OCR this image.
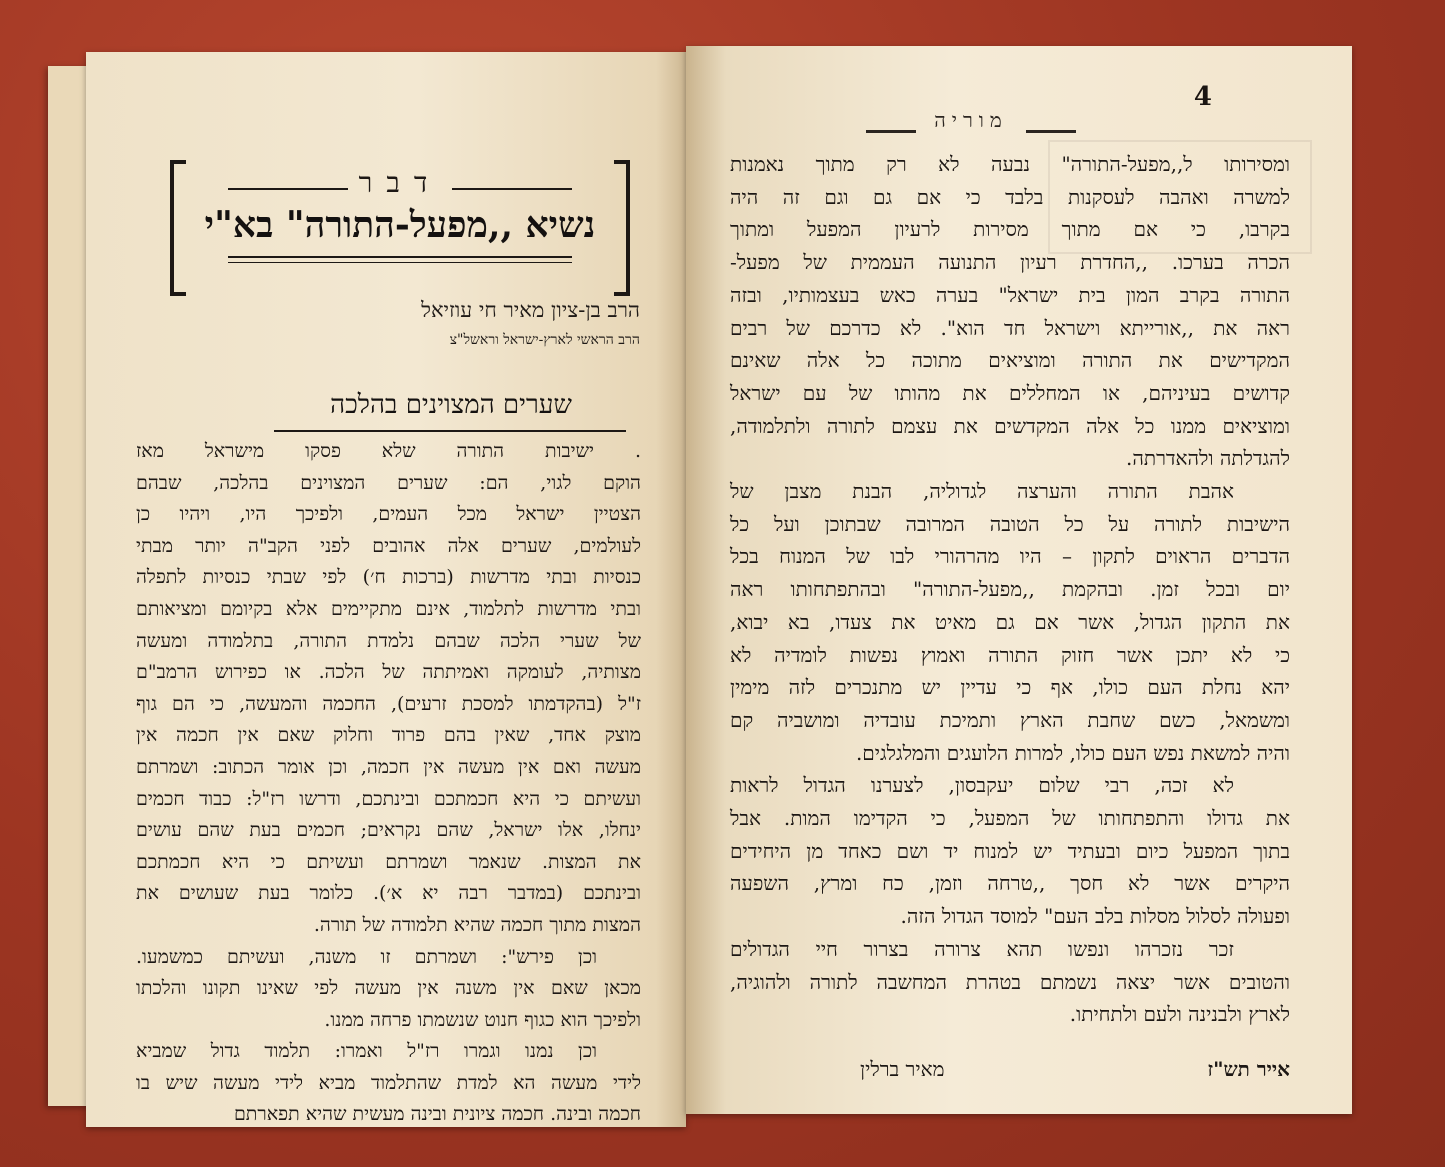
דבר
נשיא ,,מפעל-התורה" בא"י
הרב בן-ציון מאיר חי עוזיאל
הרב הראשי לארץ-ישראל וראשל"צ
שערים המצוינים בהלכה
. ישיבות התורה שלא פסקו מישראל מאז
הוקם לגוי, הם: שערים המצוינים בהלכה, שבהם
הצטיין ישראל מכל העמים, ולפיכך היו, ויהיו כן
לעולמים, שערים אלה אהובים לפני הקב"ה יותר מבתי
כנסיות ובתי מדרשות (ברכות ח׳) לפי שבתי כנסיות לתפלה
ובתי מדרשות לתלמוד, אינם מתקיימים אלא בקיומם ומציאותם
של שערי הלכה שבהם נלמדת התורה, בתלמודה ומעשה
מצותיה, לעומקה ואמיתתה של הלכה. או כפירוש הרמב"ם
ז"ל (בהקדמתו למסכת זרעים), החכמה והמעשה, כי הם גוף
מוצק אחד, שאין בהם פרוד וחלוק שאם אין חכמה אין
מעשה ואם אין מעשה אין חכמה, וכן אומר הכתוב: ושמרתם
ועשיתם כי היא חכמתכם ובינתכם, ודרשו רז"ל: כבוד חכמים
ינחלו, אלו ישראל, שהם נקראים; חכמים בעת שהם עושים
את המצות. שנאמר ושמרתם ועשיתם כי היא חכמתכם
ובינתכם (במדבר רבה יא א׳). כלומר בעת שעושים את
המצות מתוך חכמה שהיא תלמודה של תורה.
וכן פירש": ושמרתם זו משנה, ועשיתם כמשמעו.
מכאן שאם אין משנה אין מעשה לפי שאינו תקונו והלכתו
ולפיכך הוא כגוף חנוט שנשמתו פרחה ממנו.
וכן נמנו וגמרו רז"ל ואמרו: תלמוד גדול שמביא
לידי מעשה הא למדת שהתלמוד מביא לידי מעשה שיש בו
חכמה ובינה. חכמה ציונית ובינה מעשית שהיא תפארתם
4
מוריה
ומסירותו ל,,מפעל-התורה" נבעה לא רק מתוך נאמנות
למשרה ואהבה לעסקנות בלבד כי אם גם וגם זה היה
בקרבו, כי אם מתוך מסירות לרעיון המפעל ומתוך
הכרה בערכו. ,,החדרת רעיון התנועה העממית של מפעל-
התורה בקרב המון בית ישראל" בערה כאש בעצמותיו, ובזה
ראה את ,,אורייתא וישראל חד הוא". לא כדרכם של רבים
המקדישים את התורה ומוציאים מתוכה כל אלה שאינם
קדושים בעיניהם, או המחללים את מהותו של עם ישראל
ומוציאים ממנו כל אלה המקדשים את עצמם לתורה ולתלמודה,
להגדלתה ולהאדרתה.
אהבת התורה והערצה לגדוליה, הבנת מצבן של
הישיבות לתורה על כל הטובה המרובה שבתוכן ועל כל
הדברים הראוים לתקון – היו מהרהורי לבו של המנוח בכל
יום ובכל זמן. ובהקמת ,,מפעל-התורה" ובהתפתחותו ראה
את התקון הגדול, אשר אם גם מאיט את צעדו, בא יבוא,
כי לא יתכן אשר חזוק התורה ואמוץ נפשות לומדיה לא
יהא נחלת העם כולו, אף כי עדיין יש מתנכרים לזה מימין
ומשמאל, כשם שחבת הארץ ותמיכת עובדיה ומושביה קם
והיה למשאת נפש העם כולו, למרות הלועגים והמלגלגים.
לא זכה, רבי שלום יעקבסון, לצערנו הגדול לראות
את גדולו והתפתחותו של המפעל, כי הקדימו המות. אבל
בתוך המפעל כיום ובעתיד יש למנוח יד ושם כאחד מן היחידים
היקרים אשר לא חסך ,,טרחה וזמן, כח ומרץ, השפעה
ופעולה לסלול מסלות בלב העם" למוסד הגדול הזה.
זכר נזכרהו ונפשו תהא צרורה בצרור חיי הגדולים
והטובים אשר יצאה נשמתם בטהרת המחשבה לתורה ולהוגיה,
לארץ ולבנינה ולעם ולתחיתו.
אייר תש"ז
מאיר ברלין
